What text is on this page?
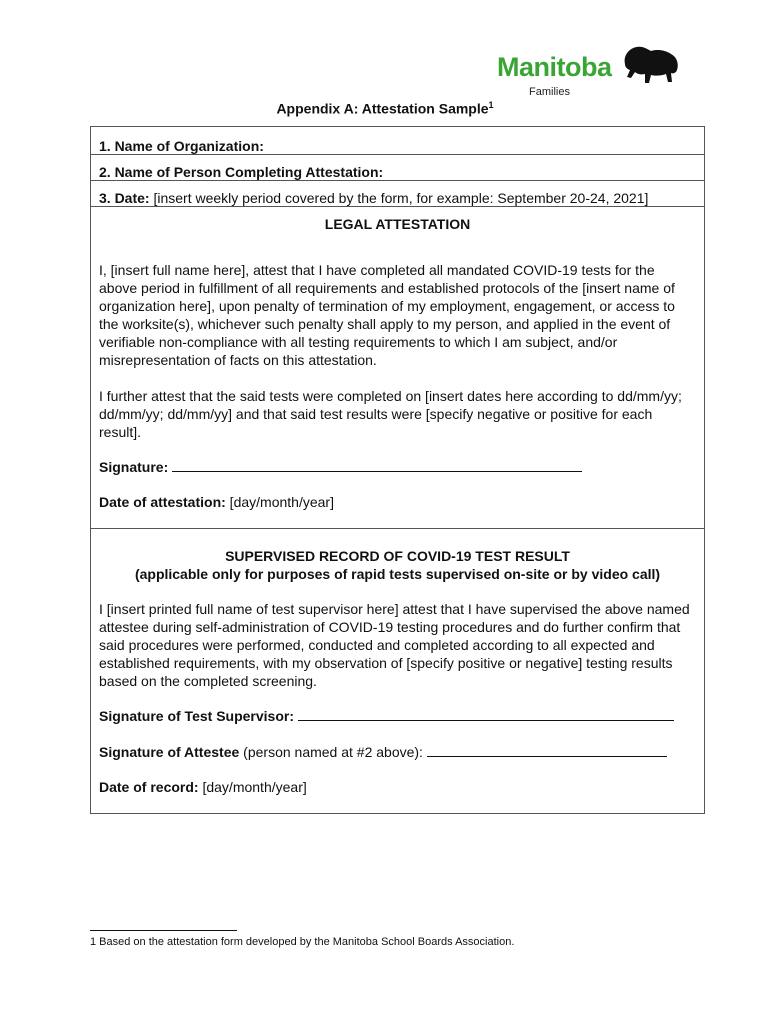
Manitoba
Families
Appendix A: Attestation Sample$^1$
1. Name of Organization:
2. Name of Person Completing Attestation:
3. Date: [insert weekly period covered by the form, for example: September 20-24, 2021]
LEGAL ATTESTATION
I, [insert full name here], attest that I have completed all mandated COVID-19 tests for the above period in fulfillment of all requirements and established protocols of the [insert name of organization here], upon penalty of termination of my employment, engagement, or access to the worksite(s), whichever such penalty shall apply to my person, and applied in the event of verifiable non-compliance with all testing requirements to which I am subject, and/or misrepresentation of facts on this attestation.
I further attest that the said tests were completed on [insert dates here according to dd/mm/yy; dd/mm/yy; dd/mm/yy] and that said test results were [specify negative or positive for each result].
Signature:
Date of attestation: [day/month/year]
SUPERVISED RECORD OF COVID-19 TEST RESULT
(applicable only for purposes of rapid tests supervised on-site or by video call)
I [insert printed full name of test supervisor here] attest that I have supervised the above named attestee during self-administration of COVID-19 testing procedures and do further confirm that said procedures were performed, conducted and completed according to all expected and established requirements, with my observation of [specify positive or negative] testing results based on the completed screening.
Signature of Test Supervisor:
Signature of Attestee (person named at #2 above):
Date of record: [day/month/year]
1 Based on the attestation form developed by the Manitoba School Boards Association.
